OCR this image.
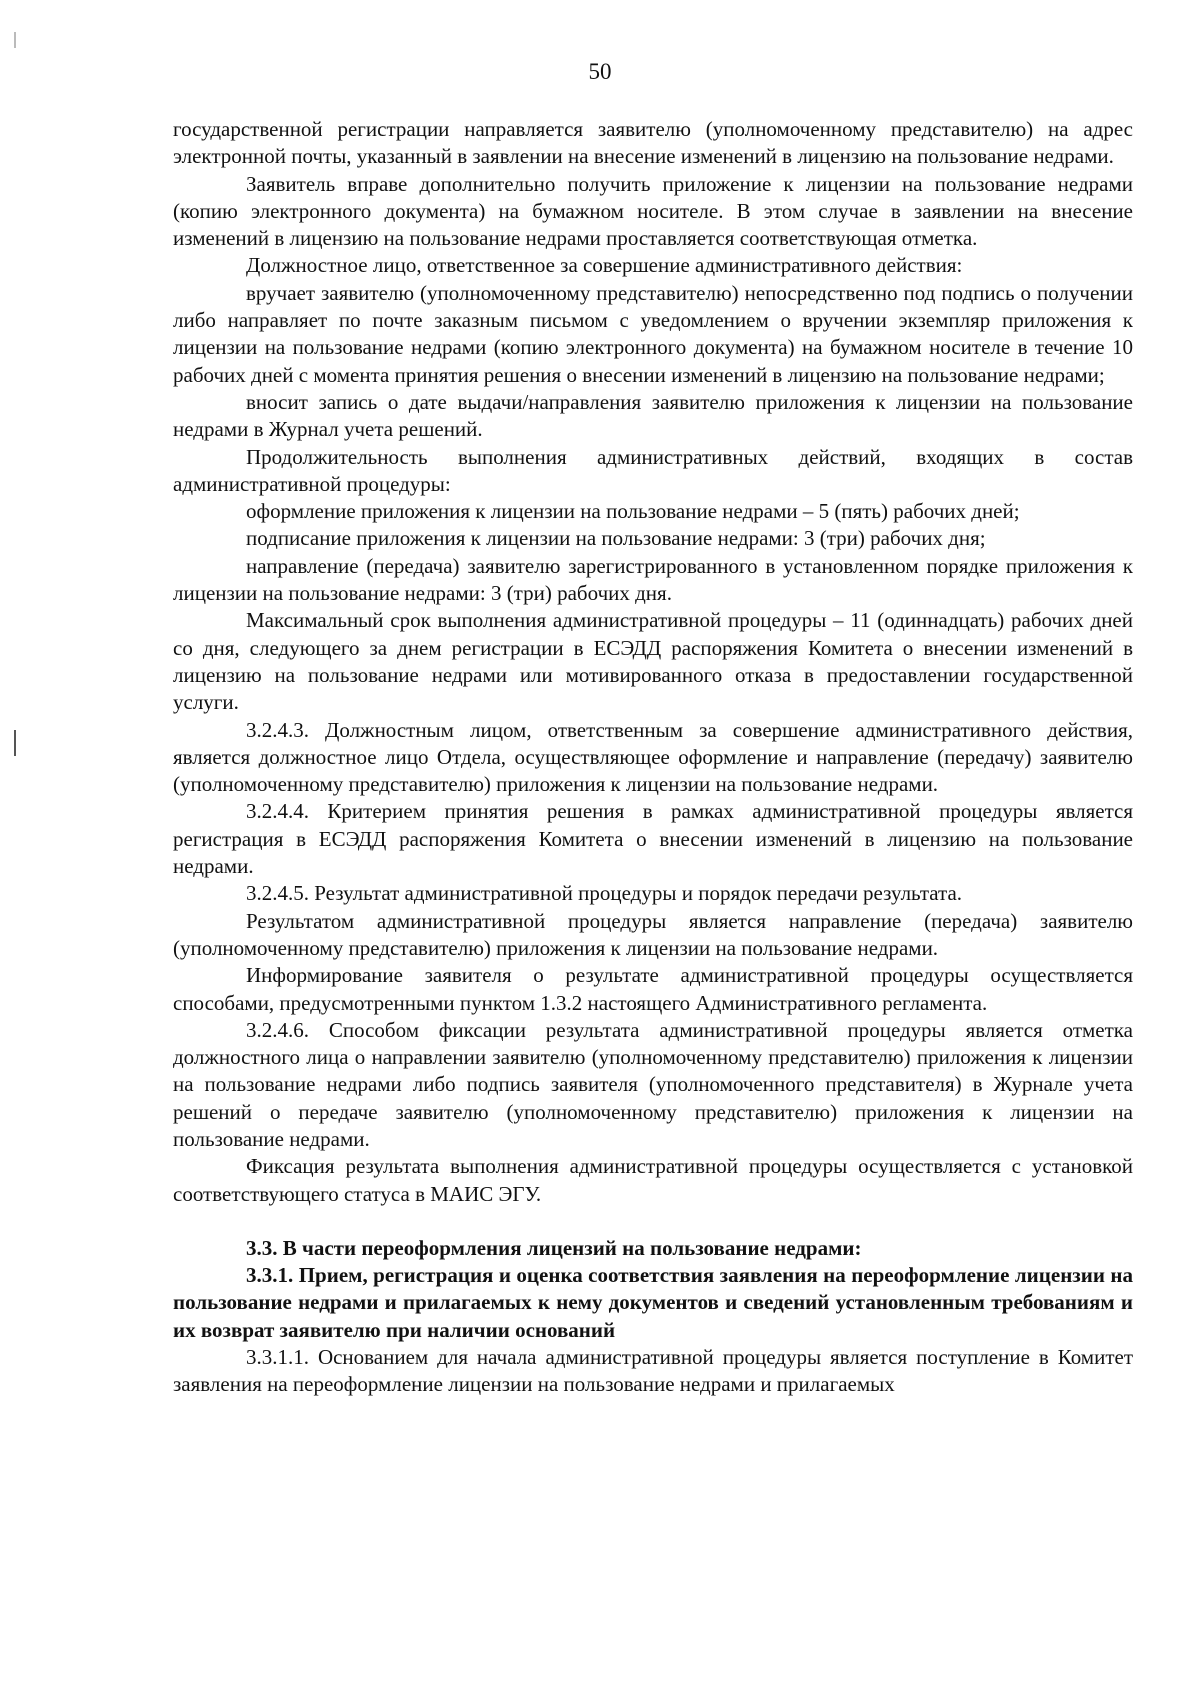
50

государственной регистрации направляется заявителю (уполномоченному представителю) на адрес электронной почты, указанный в заявлении на внесение изменений в лицензию на пользование недрами.

Заявитель вправе дополнительно получить приложение к лицензии на пользование недрами (копию электронного документа) на бумажном носителе. В этом случае в заявлении на внесение изменений в лицензию на пользование недрами проставляется соответствующая отметка.

Должностное лицо, ответственное за совершение административного действия:

вручает заявителю (уполномоченному представителю) непосредственно под подпись о получении либо направляет по почте заказным письмом с уведомлением о вручении экземпляр приложения к лицензии на пользование недрами (копию электронного документа) на бумажном носителе в течение 10 рабочих дней с момента принятия решения о внесении изменений в лицензию на пользование недрами;

вносит запись о дате выдачи/направления заявителю приложения к лицензии на пользование недрами в Журнал учета решений.

Продолжительность выполнения административных действий, входящих в состав административной процедуры:

оформление приложения к лицензии на пользование недрами – 5 (пять) рабочих дней;

подписание приложения к лицензии на пользование недрами: 3 (три) рабочих дня;

направление (передача) заявителю зарегистрированного в установленном порядке приложения к лицензии на пользование недрами: 3 (три) рабочих дня.

Максимальный срок выполнения административной процедуры – 11 (одиннадцать) рабочих дней со дня, следующего за днем регистрации в ЕСЭДД распоряжения Комитета о внесении изменений в лицензию на пользование недрами или мотивированного отказа в предоставлении государственной услуги.

3.2.4.3. Должностным лицом, ответственным за совершение административного действия, является должностное лицо Отдела, осуществляющее оформление и направление (передачу) заявителю (уполномоченному представителю) приложения к лицензии на пользование недрами.

3.2.4.4. Критерием принятия решения в рамках административной процедуры является регистрация в ЕСЭДД распоряжения Комитета о внесении изменений в лицензию на пользование недрами.

3.2.4.5. Результат административной процедуры и порядок передачи результата.

Результатом административной процедуры является направление (передача) заявителю (уполномоченному представителю) приложения к лицензии на пользование недрами.

Информирование заявителя о результате административной процедуры осуществляется способами, предусмотренными пунктом 1.3.2 настоящего Административного регламента.

3.2.4.6. Способом фиксации результата административной процедуры является отметка должностного лица о направлении заявителю (уполномоченному представителю) приложения к лицензии на пользование недрами либо подпись заявителя (уполномоченного представителя) в Журнале учета решений о передаче заявителю (уполномоченному представителю) приложения к лицензии на пользование недрами.

Фиксация результата выполнения административной процедуры осуществляется с установкой соответствующего статуса в МАИС ЭГУ.

3.3. В части переоформления лицензий на пользование недрами:

3.3.1. Прием, регистрация и оценка соответствия заявления на переоформление лицензии на пользование недрами и прилагаемых к нему документов и сведений установленным требованиям и их возврат заявителю при наличии оснований

3.3.1.1. Основанием для начала административной процедуры является поступление в Комитет заявления на переоформление лицензии на пользование недрами и прилагаемых
